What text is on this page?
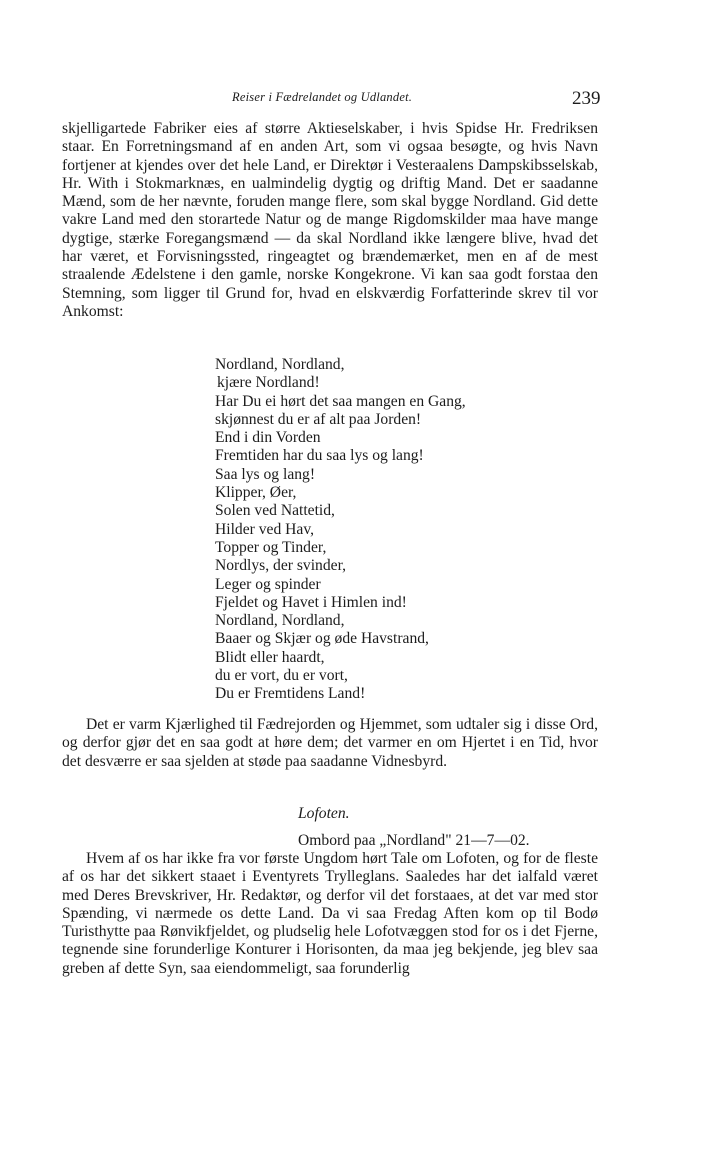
Reiser i Fædrelandet og Udlandet.	239

skjelligartede Fabriker eies af større Aktieselskaber, i hvis Spidse Hr. Fredriksen staar. En Forretningsmand af en anden Art, som vi ogsaa besøgte, og hvis Navn fortjener at kjendes over det hele Land, er Direktør i Vesteraalens Dampskibsselskab, Hr. With i Stokmarknæs, en ualmindelig dygtig og driftig Mand. Det er saadanne Mænd, som de her nævnte, foruden mange flere, som skal bygge Nordland. Gid dette vakre Land med den storartede Natur og de mange Rigdomskilder maa have mange dygtige, stærke Foregangsmænd — da skal Nordland ikke længere blive, hvad det har været, et Forvisningssted, ringeagtet og brændemærket, men en af de mest straalende Ædelstene i den gamle, norske Kongekrone. Vi kan saa godt forstaa den Stemning, som ligger til Grund for, hvad en elskværdig Forfatterinde skrev til vor Ankomst:

Nordland, Nordland,
kjære Nordland!
Har Du ei hørt det saa mangen en Gang,
skjønnest du er af alt paa Jorden!
End i din Vorden
Fremtiden har du saa lys og lang!
Saa lys og lang!
Klipper, Øer,
Solen ved Nattetid,
Hilder ved Hav,
Topper og Tinder,
Nordlys, der svinder,
Leger og spinder
Fjeldet og Havet i Himlen ind!
Nordland, Nordland,
Baaer og Skjær og øde Havstrand,
Blidt eller haardt,
du er vort, du er vort,
Du er Fremtidens Land!

Det er varm Kjærlighed til Fædrejorden og Hjemmet, som udtaler sig i disse Ord, og derfor gjør det en saa godt at høre dem; det varmer en om Hjertet i en Tid, hvor det desværre er saa sjelden at støde paa saadanne Vidnesbyrd.

Lofoten.
Ombord paa „Nordland" 21—7—02.

Hvem af os har ikke fra vor første Ungdom hørt Tale om Lofoten, og for de fleste af os har det sikkert staaet i Eventyrets Trylleglans. Saaledes har det ialfald været med Deres Brevskriver, Hr. Redaktør, og derfor vil det forstaaes, at det var med stor Spænding, vi nærmede os dette Land. Da vi saa Fredag Aften kom op til Bodø Turisthytte paa Rønvikfjeldet, og pludselig hele Lofotvæggen stod for os i det Fjerne, tegnende sine forunderlige Konturer i Horisonten, da maa jeg bekjende, jeg blev saa greben af dette Syn, saa eiendommeligt, saa forunderlig
